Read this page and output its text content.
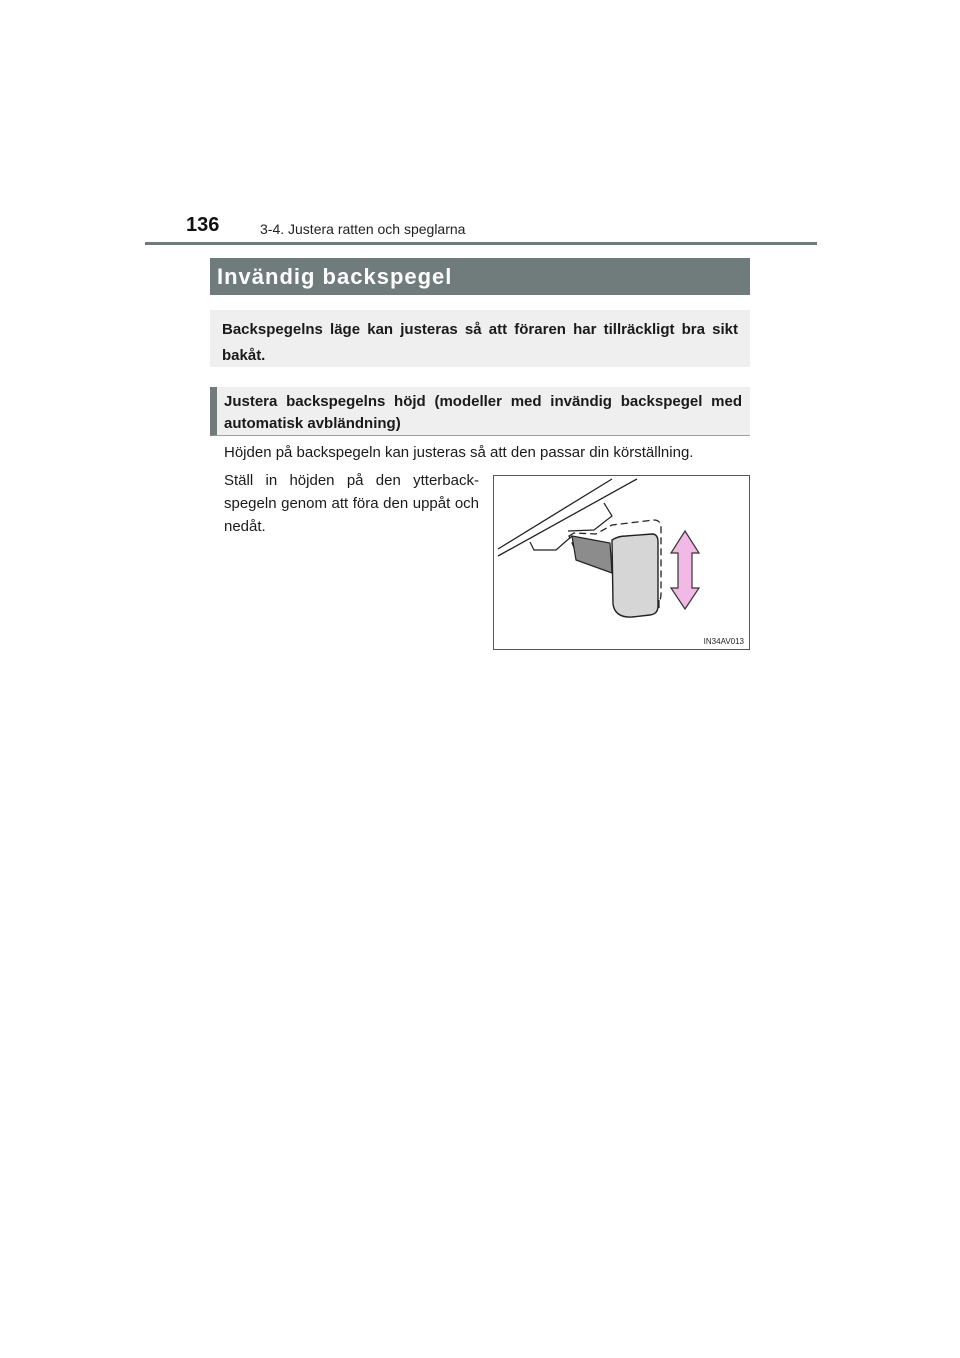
136	3-4. Justera ratten och speglarna
Invändig backspegel
Backspegelns läge kan justeras så att föraren har tillräckligt bra sikt bakåt.
Justera backspegelns höjd (modeller med invändig backspegel med automatisk avbländning)
Höjden på backspegeln kan justeras så att den passar din körställning.
Ställ in höjden på den ytterback-spegeln genom att föra den uppåt och nedåt.
IN34AV013
